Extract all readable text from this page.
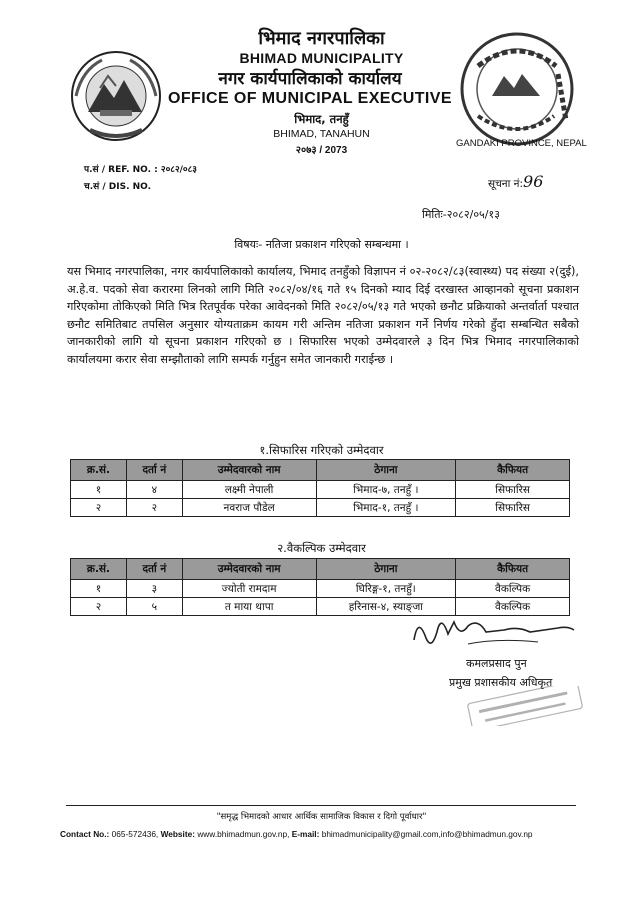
भिमाद नगरपालिका
BHIMAD MUNICIPALITY
नगर कार्यपालिकाको कार्यालय
OFFICE OF MUNICIPAL EXECUTIVE
भिमाद, तनहुँ
BHIMAD, TANAHUN
२०७३ / 2073
GANDAKI PROVINCE, NEPAL
प.सं / REF. NO. : २०८२/०८३
च.सं / DIS. NO.	सूचना नं:96
मितिः-२०८२/०५/१३
विषयः- नतिजा प्रकाशन गरिएको सम्बन्धमा ।
यस भिमाद नगरपालिका, नगर कार्यपालिकाको कार्यालय, भिमाद तनहुँको विज्ञापन नं ०२-२०८२/८३(स्वास्थ्य) पद संख्या २(दुई), अ.हे.व. पदको सेवा करारमा लिनको लागि मिति २०८२/०४/१६ गते १५ दिनको म्याद दिई दरखास्त आव्हानको सूचना प्रकाशन गरिएकोमा तोकिएको मिति भित्र रितपूर्वक परेका आवेदनको मिति २०८२/०५/१३ गते भएको छनौट प्रक्रियाको अन्तर्वार्ता पश्चात छनौट समितिबाट तपसिल अनुसार योग्यताक्रम कायम गरी अन्तिम नतिजा प्रकाशन गर्ने निर्णय गरेको हुँदा सम्बन्धित सबैको जानकारीको लागि यो सूचना प्रकाशन गरिएको छ । सिफारिस भएको उम्मेदवारले ३ दिन भित्र भिमाद नगरपालिकाको कार्यालयमा करार सेवा सम्झौताको लागि सम्पर्क गर्नुहुन समेत जानकारी गराईन्छ ।
१.सिफारिस गरिएको उम्मेदवार
क्र.सं.	दर्ता नं	उम्मेदवारको नाम	ठेगाना	कैफियत
१	४	लक्ष्मी नेपाली	भिमाद-७, तनहुँ ।	सिफारिस
२	२	नवराज पौडेल	भिमाद-१, तनहुँ ।	सिफारिस
२.वैकल्पिक उम्मेदवार
क्र.सं.	दर्ता नं	उम्मेदवारको नाम	ठेगाना	कैफियत
१	३	ज्योती रामदाम	घिरिङ्ग-१, तनहुँ।	वैकल्पिक
२	५	त माया थापा	हरिनास-४, स्याङ्जा	वैकल्पिक
कमलप्रसाद पुन
प्रमुख प्रशासकीय अधिकृत
"समृद्ध भिमादको आधार आर्थिक सामाजिक विकास र दिगो पूर्वाधार"
Contact No.: 065-572436, Website: www.bhimadmun.gov.np, E-mail: bhimadmunicipality@gmail.com,info@bhimadmun.gov.np
